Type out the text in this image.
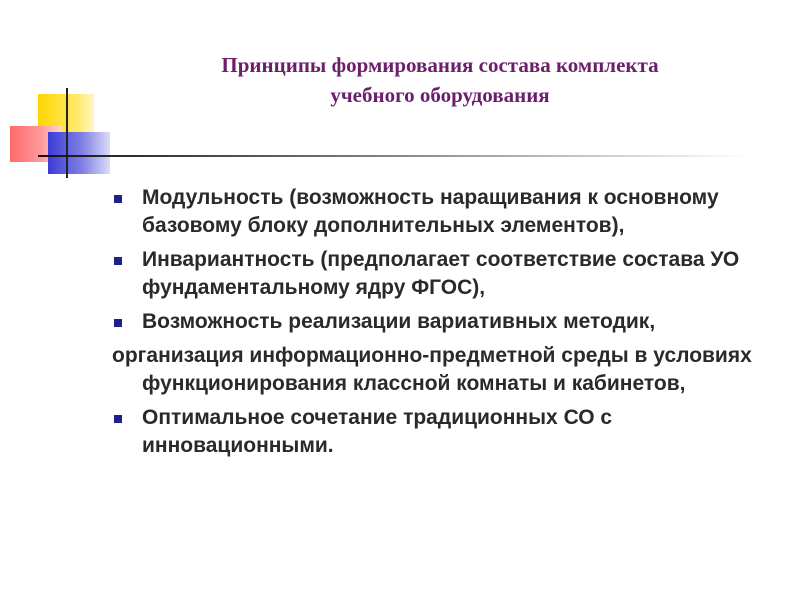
Принципы формирования состава комплекта
учебного оборудования
Модульность (возможность наращивания к основному базовому блоку дополнительных элементов),
Инвариантность (предполагает соответствие состава УО фундаментальному ядру ФГОС),
Возможность реализации вариативных методик,
организация информационно-предметной среды в условиях функционирования классной комнаты и кабинетов,
Оптимальное сочетание традиционных СО с инновационными.
